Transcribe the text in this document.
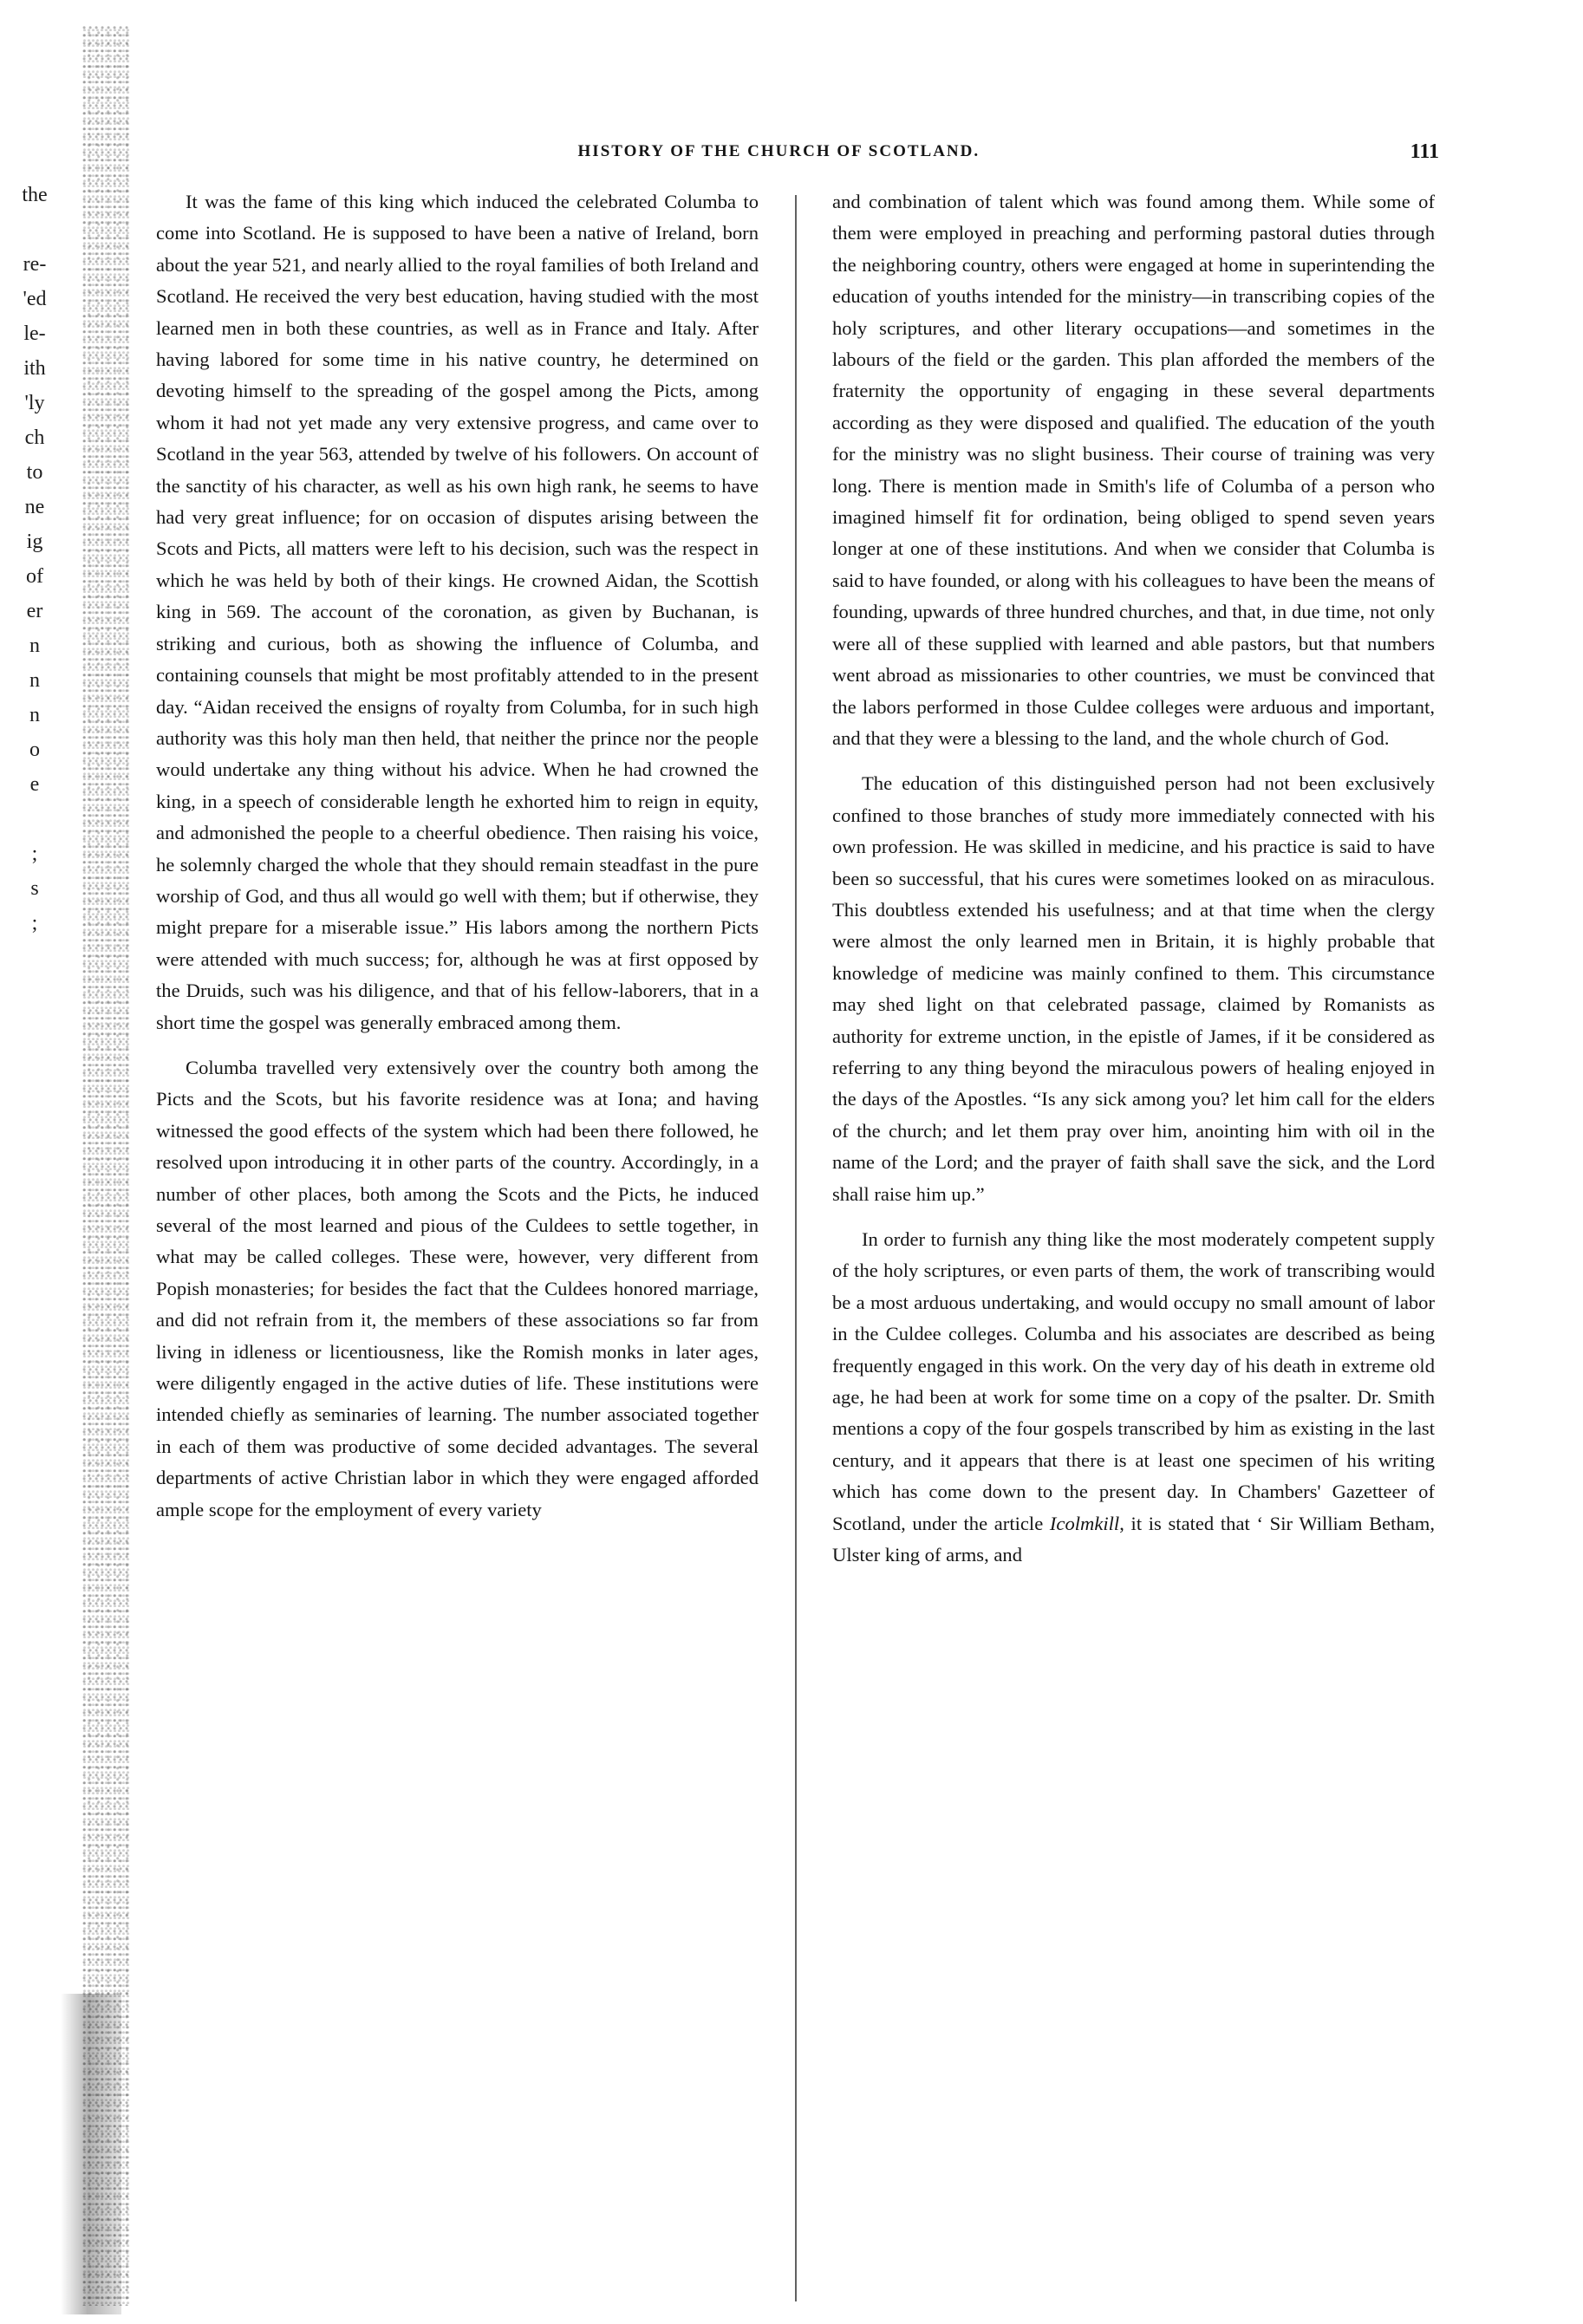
the
re-
'ed
le-
ith
'ly
ch
to
ne
ig
of
er
n
n
n
o
e
;
s
;
HISTORY OF THE CHURCH OF SCOTLAND.	111

It was the fame of this king which induced the celebrated Columba to come into Scotland. He is supposed to have been a native of Ireland, born about the year 521, and nearly allied to the royal families of both Ireland and Scotland. He received the very best education, having studied with the most learned men in both these countries, as well as in France and Italy. After having labored for some time in his native country, he determined on devoting himself to the spreading of the gospel among the Picts, among whom it had not yet made any very extensive progress, and came over to Scotland in the year 563, attended by twelve of his followers. On account of the sanctity of his character, as well as his own high rank, he seems to have had very great influence; for on occasion of disputes arising between the Scots and Picts, all matters were left to his decision, such was the respect in which he was held by both of their kings. He crowned Aidan, the Scottish king in 569. The account of the coronation, as given by Buchanan, is striking and curious, both as showing the influence of Columba, and containing counsels that might be most profitably attended to in the present day. “Aidan received the ensigns of royalty from Columba, for in such high authority was this holy man then held, that neither the prince nor the people would undertake any thing without his advice. When he had crowned the king, in a speech of considerable length he exhorted him to reign in equity, and admonished the people to a cheerful obedience. Then raising his voice, he solemnly charged the whole that they should remain steadfast in the pure worship of God, and thus all would go well with them; but if otherwise, they might prepare for a miserable issue.” His labors among the northern Picts were attended with much success; for, although he was at first opposed by the Druids, such was his diligence, and that of his fellow-laborers, that in a short time the gospel was generally embraced among them.

Columba travelled very extensively over the country both among the Picts and the Scots, but his favorite residence was at Iona; and having witnessed the good effects of the system which had been there followed, he resolved upon introducing it in other parts of the country. Accordingly, in a number of other places, both among the Scots and the Picts, he induced several of the most learned and pious of the Culdees to settle together, in what may be called colleges. These were, however, very different from Popish monasteries; for besides the fact that the Culdees honored marriage, and did not refrain from it, the members of these associations so far from living in idleness or licentiousness, like the Romish monks in later ages, were diligently engaged in the active duties of life. These institutions were intended chiefly as seminaries of learning. The number associated together in each of them was productive of some decided advantages. The several departments of active Christian labor in which they were engaged afforded ample scope for the employment of every variety

and combination of talent which was found among them. While some of them were employed in preaching and performing pastoral duties through the neighboring country, others were engaged at home in superintending the education of youths intended for the ministry—in transcribing copies of the holy scriptures, and other literary occupations—and sometimes in the labours of the field or the garden. This plan afforded the members of the fraternity the opportunity of engaging in these several departments according as they were disposed and qualified. The education of the youth for the ministry was no slight business. Their course of training was very long. There is mention made in Smith's life of Columba of a person who imagined himself fit for ordination, being obliged to spend seven years longer at one of these institutions. And when we consider that Columba is said to have founded, or along with his colleagues to have been the means of founding, upwards of three hundred churches, and that, in due time, not only were all of these supplied with learned and able pastors, but that numbers went abroad as missionaries to other countries, we must be convinced that the labors performed in those Culdee colleges were arduous and important, and that they were a blessing to the land, and the whole church of God.

The education of this distinguished person had not been exclusively confined to those branches of study more immediately connected with his own profession. He was skilled in medicine, and his practice is said to have been so successful, that his cures were sometimes looked on as miraculous. This doubtless extended his usefulness; and at that time when the clergy were almost the only learned men in Britain, it is highly probable that knowledge of medicine was mainly confined to them. This circumstance may shed light on that celebrated passage, claimed by Romanists as authority for extreme unction, in the epistle of James, if it be considered as referring to any thing beyond the miraculous powers of healing enjoyed in the days of the Apostles. “Is any sick among you? let him call for the elders of the church; and let them pray over him, anointing him with oil in the name of the Lord; and the prayer of faith shall save the sick, and the Lord shall raise him up.”

In order to furnish any thing like the most moderately competent supply of the holy scriptures, or even parts of them, the work of transcribing would be a most arduous undertaking, and would occupy no small amount of labor in the Culdee colleges. Columba and his associates are described as being frequently engaged in this work. On the very day of his death in extreme old age, he had been at work for some time on a copy of the psalter. Dr. Smith mentions a copy of the four gospels transcribed by him as existing in the last century, and it appears that there is at least one specimen of his writing which has come down to the present day. In Chambers' Gazetteer of Scotland, under the article Icolmkill, it is stated that ‘ Sir William Betham, Ulster king of arms, and
